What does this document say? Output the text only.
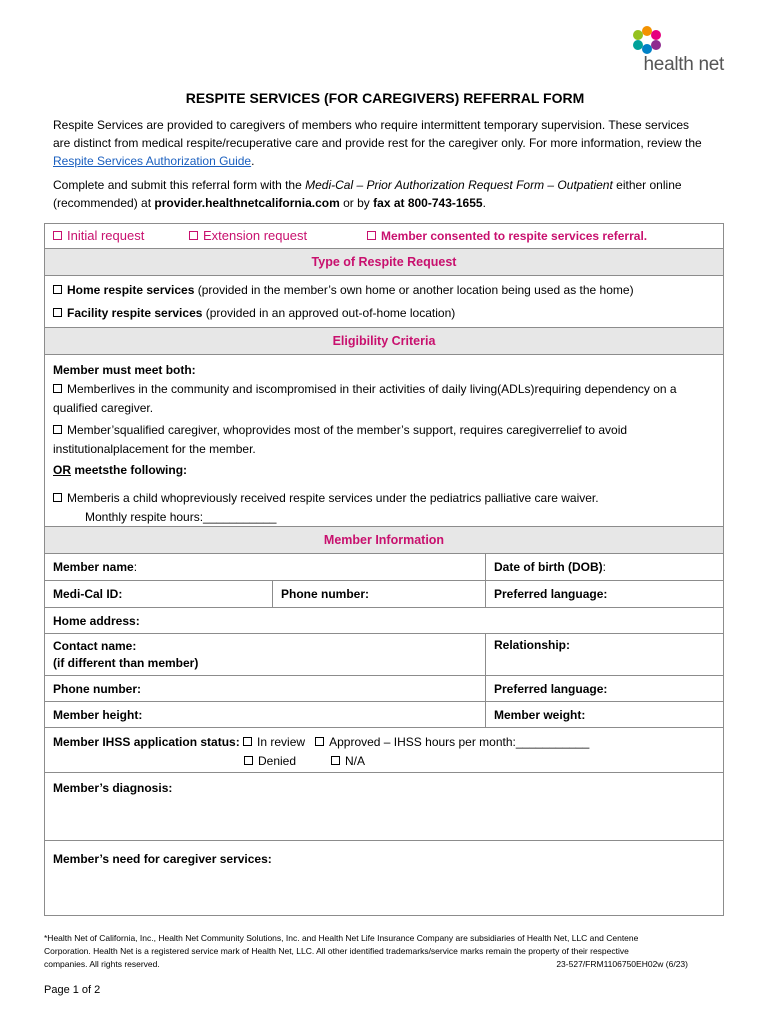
health net
RESPITE SERVICES (FOR CAREGIVERS) REFERRAL FORM
Respite Services are provided to caregivers of members who require intermittent temporary supervision. These services are distinct from medical respite/recuperative care and provide rest for the caregiver only. For more information, review the Respite Services Authorization Guide.
Complete and submit this referral form with the Medi-Cal – Prior Authorization Request Form – Outpatient either online (recommended) at provider.healthnetcalifornia.com or by fax at 800-743-1655.
Initial request	Extension request	Member consented to respite services referral.
Type of Respite Request
Home respite services (provided in the member’s own home or another location being used as the home)
Facility respite services (provided in an approved out-of-home location)
Eligibility Criteria
Member must meet both:
Memberlives in the community and iscompromised in their activities of daily living(ADLs)requiring dependency on a qualified caregiver.
Member’squalified caregiver, whoprovides most of the member’s support, requires caregiverrelief to avoid institutionalplacement for the member.
OR meetsthe following:
Memberis a child whopreviously received respite services under the pediatrics palliative care waiver.
Monthly respite hours:___________
Member Information
Member name:	Date of birth (DOB):
Medi-Cal ID:	Phone number:	Preferred language:
Home address:
Contact name:
(if different than member)
Relationship:
Phone number:	Preferred language:
Member height:	Member weight:
Member IHSS application status: In review Approved – IHSS hours per month:___________
Denied	N/A
Member’s diagnosis:
Member’s need for caregiver services:
*Health Net of California, Inc., Health Net Community Solutions, Inc. and Health Net Life Insurance Company are subsidiaries of Health Net, LLC and Centene
Corporation. Health Net is a registered service mark of Health Net, LLC. All other identified trademarks/service marks remain the property of their respective
companies. All rights reserved.	23-527/FRM1106750EH02w (6/23)
Page 1 of 2
